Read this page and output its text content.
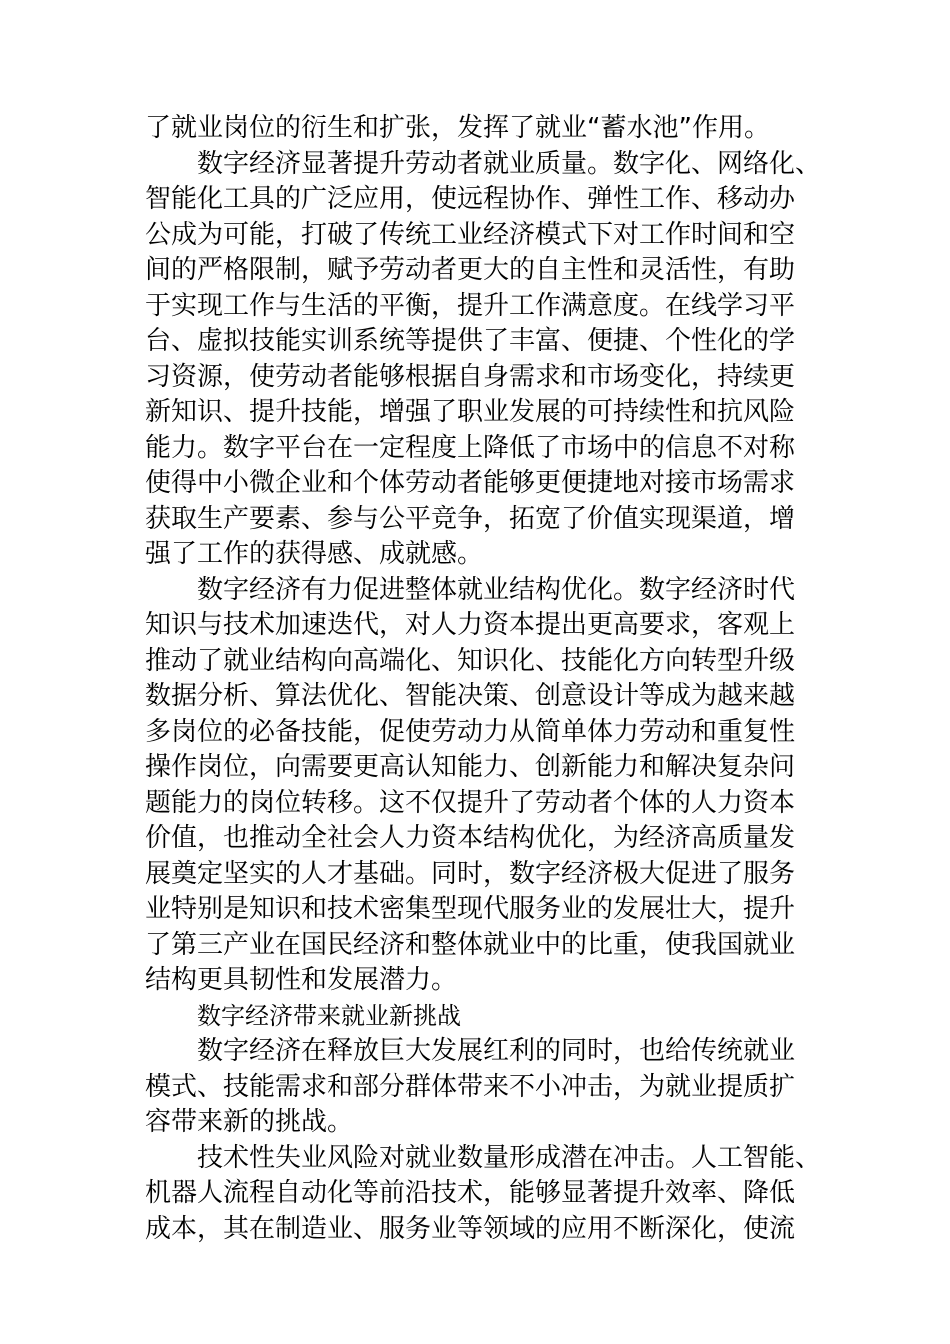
了就业岗位的衍生和扩张，发挥了就业“蓄水池”作用。
数字经济显著提升劳动者就业质量。数字化、网络化、
智能化工具的广泛应用，使远程协作、弹性工作、移动办
公成为可能，打破了传统工业经济模式下对工作时间和空
间的严格限制，赋予劳动者更大的自主性和灵活性，有助
于实现工作与生活的平衡，提升工作满意度。在线学习平
台、虚拟技能实训系统等提供了丰富、便捷、个性化的学
习资源，使劳动者能够根据自身需求和市场变化，持续更
新知识、提升技能，增强了职业发展的可持续性和抗风险
能力。数字平台在一定程度上降低了市场中的信息不对称
使得中小微企业和个体劳动者能够更便捷地对接市场需求
获取生产要素、参与公平竞争，拓宽了价值实现渠道，增
强了工作的获得感、成就感。
数字经济有力促进整体就业结构优化。数字经济时代
知识与技术加速迭代，对人力资本提出更高要求，客观上
推动了就业结构向高端化、知识化、技能化方向转型升级
数据分析、算法优化、智能决策、创意设计等成为越来越
多岗位的必备技能，促使劳动力从简单体力劳动和重复性
操作岗位，向需要更高认知能力、创新能力和解决复杂问
题能力的岗位转移。这不仅提升了劳动者个体的人力资本
价值，也推动全社会人力资本结构优化，为经济高质量发
展奠定坚实的人才基础。同时，数字经济极大促进了服务
业特别是知识和技术密集型现代服务业的发展壮大，提升
了第三产业在国民经济和整体就业中的比重，使我国就业
结构更具韧性和发展潜力。
数字经济带来就业新挑战
数字经济在释放巨大发展红利的同时，也给传统就业
模式、技能需求和部分群体带来不小冲击，为就业提质扩
容带来新的挑战。
技术性失业风险对就业数量形成潜在冲击。人工智能、
机器人流程自动化等前沿技术，能够显著提升效率、降低
成本，其在制造业、服务业等领域的应用不断深化，使流
